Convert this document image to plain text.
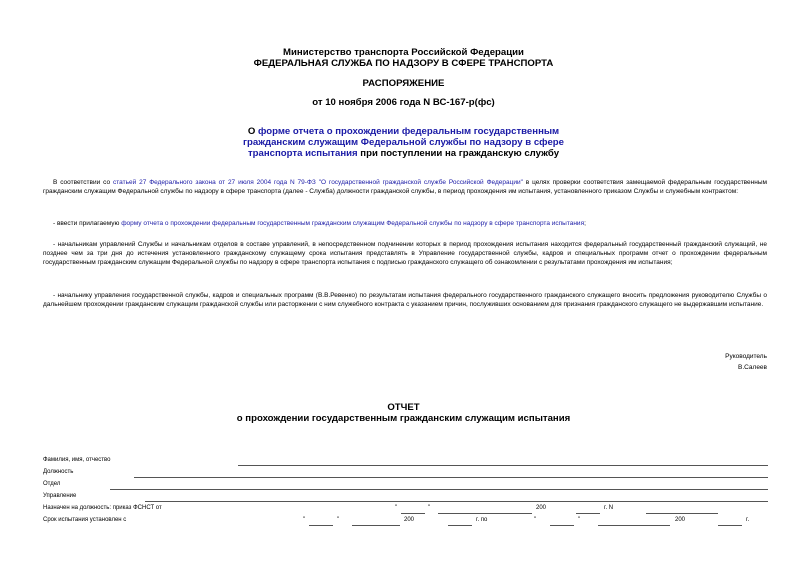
Министерство транспорта Российской Федерации
ФЕДЕРАЛЬНАЯ СЛУЖБА ПО НАДЗОРУ В СФЕРЕ ТРАНСПОРТА
РАСПОРЯЖЕНИЕ
от 10 ноября 2006 года N ВС-167-р(фс)
О форме отчета о прохождении федеральным государственным
гражданским служащим Федеральной службы по надзору в сфере
транспорта испытания при поступлении на гражданскую службу
В соответствии со статьей 27 Федерального закона от 27 июля 2004 года N 79-ФЗ "О государственной гражданской службе Российской Федерации" в целях проверки соответствия замещаемой федеральным государственным гражданским служащим Федеральной службы по надзору в сфере транспорта (далее - Служба) должности гражданской службы, в период прохождения им испытания, установленного приказом Службы и служебным контрактом:
- ввести прилагаемую форму отчета о прохождении федеральным государственным гражданским служащим Федеральной службы по надзору в сфере транспорта испытания;
- начальникам управлений Службы и начальникам отделов в составе управлений, в непосредственном подчинении которых в период прохождения испытания находится федеральный государственный гражданский служащий, не позднее чем за три дня до истечения установленного гражданскому служащему срока испытания представлять в Управление государственной службы, кадров и специальных программ отчет о прохождении федеральным государственным гражданским служащим Федеральной службы по надзору в сфере транспорта испытания с подписью гражданского служащего об ознакомлении с результатами прохождения им испытания;
- начальнику управления государственной службы, кадров и специальных программ (В.В.Ревенко) по результатам испытания федерального государственного гражданского служащего вносить предложения руководителю Службы о дальнейшем прохождении гражданским служащим гражданской службы или расторжении с ним служебного контракта с указанием причин, послуживших основанием для признания гражданского служащего не выдержавшим испытание.
Руководитель
В.Салеев
ОТЧЕТ
о прохождении государственным гражданским служащим испытания
Фамилия, имя, отчество
Должность
Отдел
Управление
Назначен на должность: приказ ФСНСТ от	"	"	200	г. N
Срок испытания установлен с	"	"	200	г. по	"	"	200	г.
